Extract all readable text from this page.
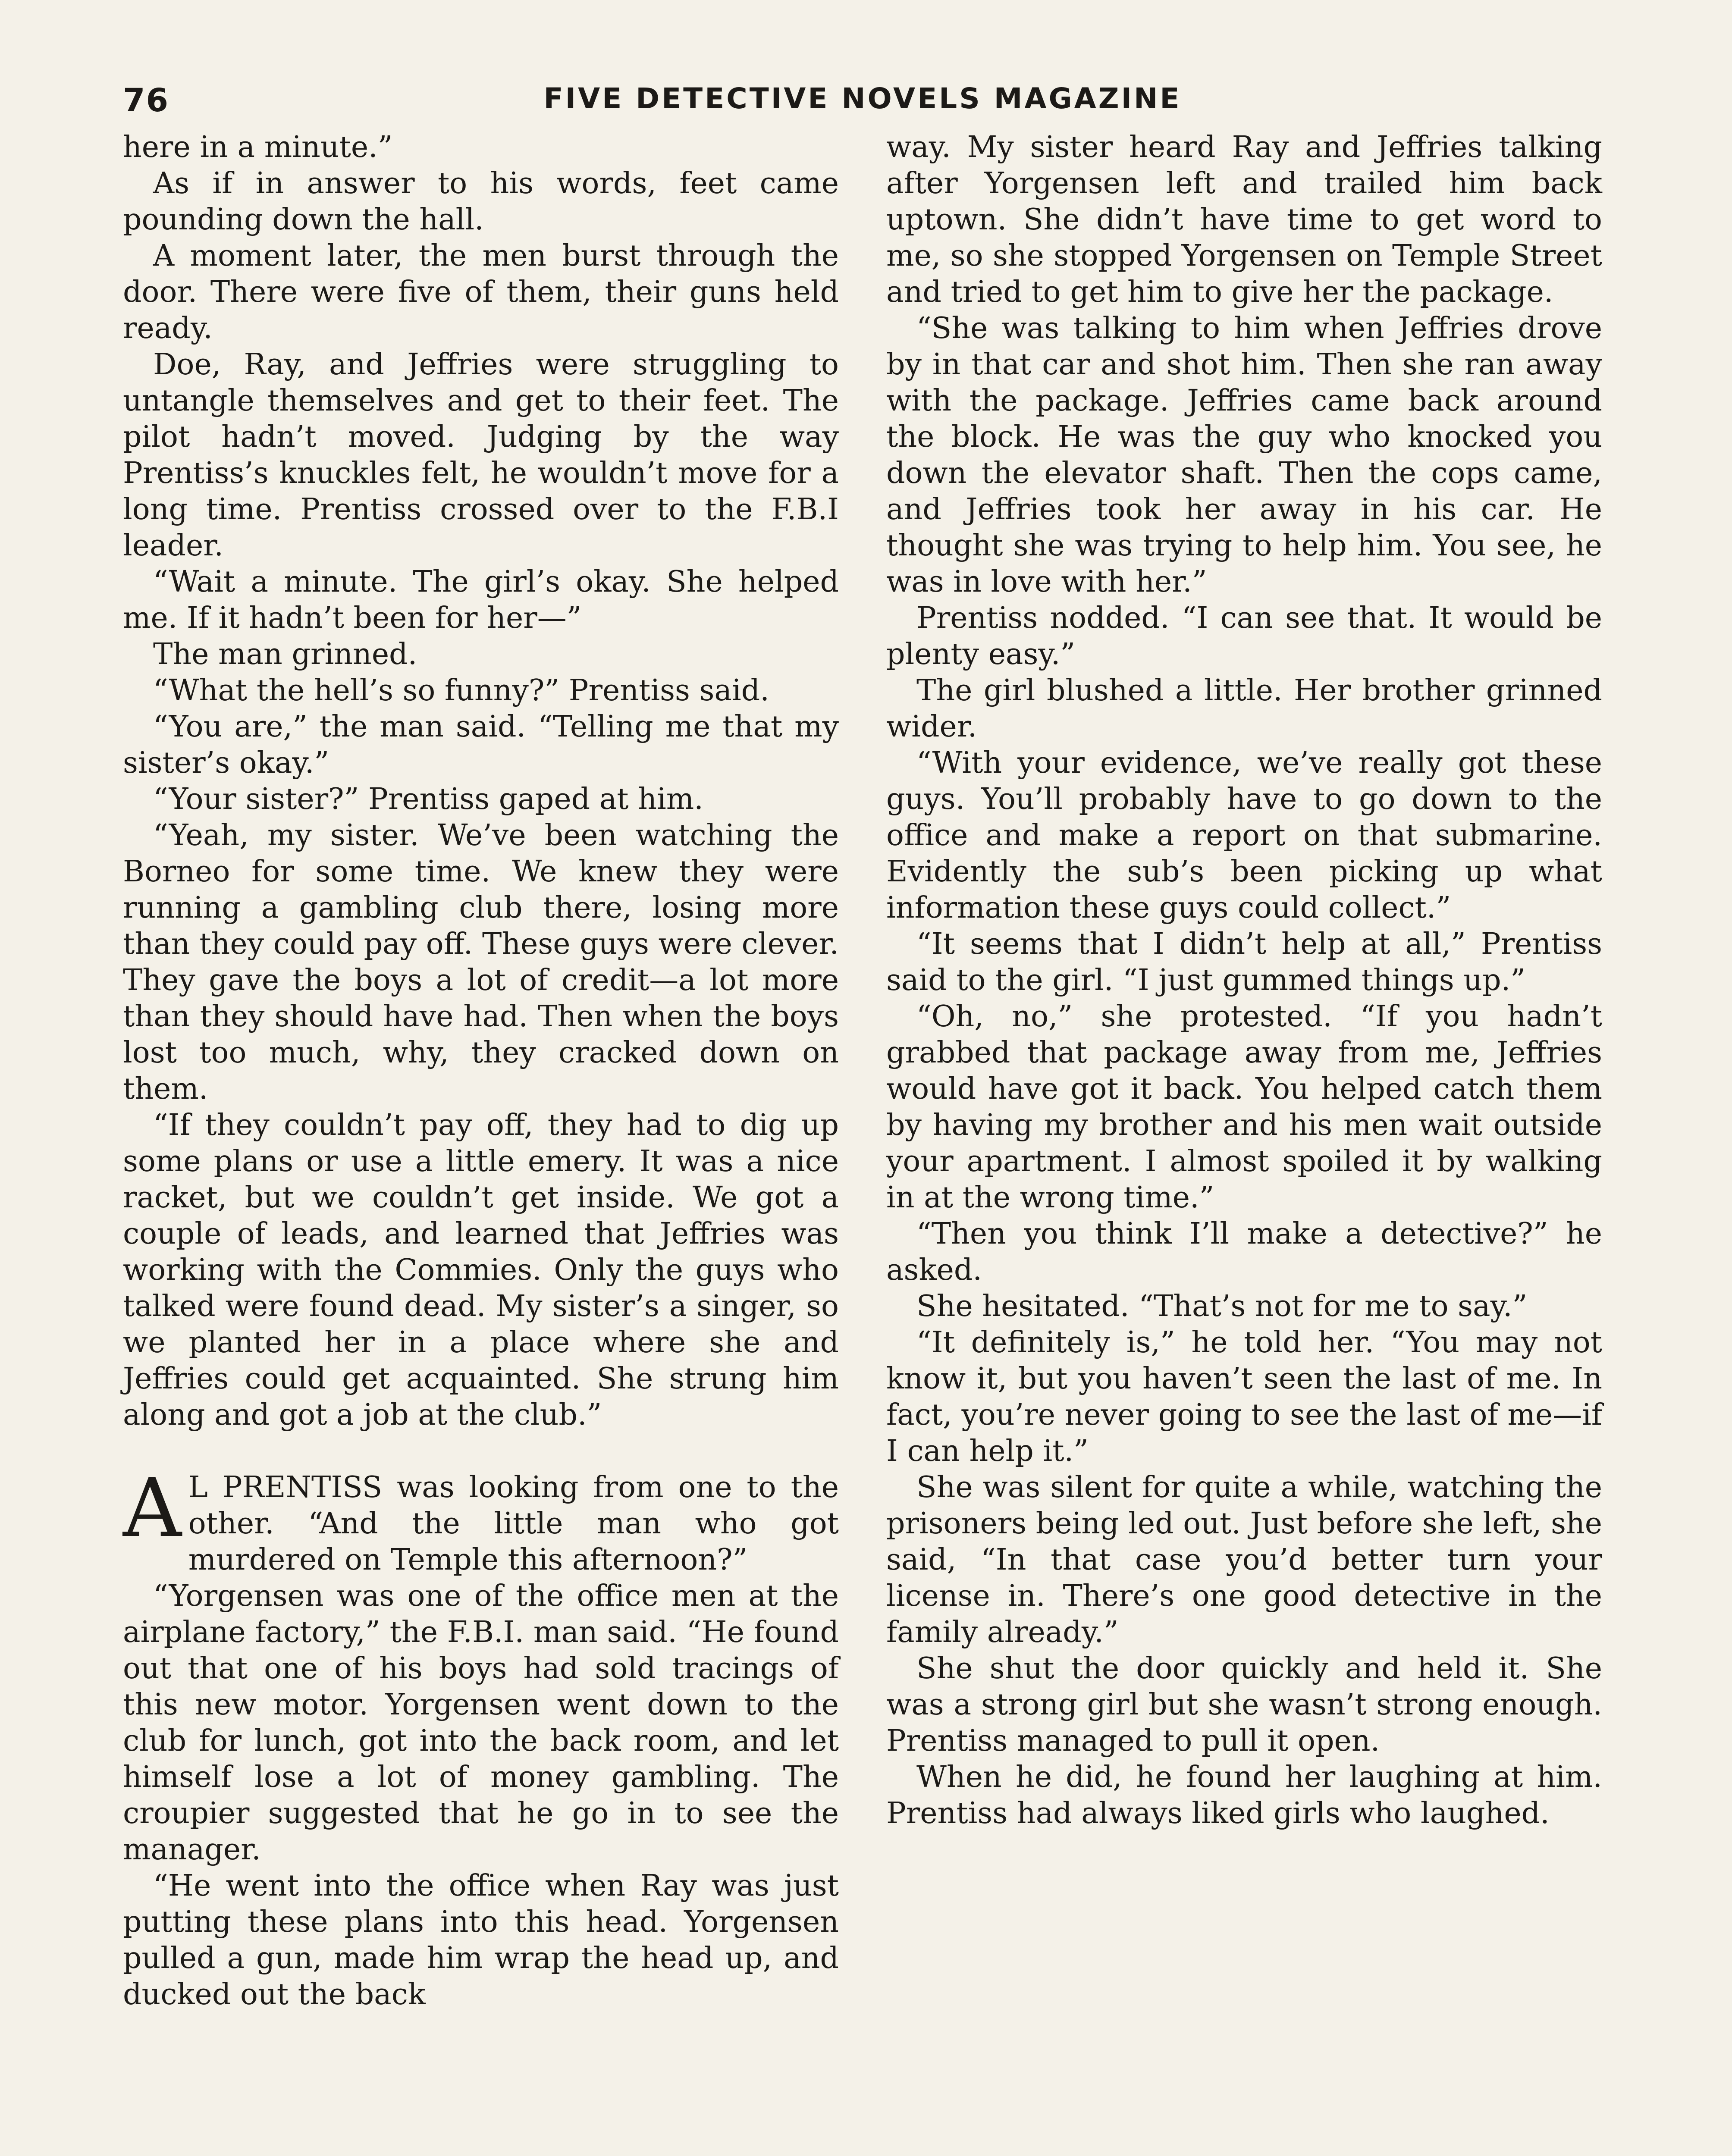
76	FIVE DETECTIVE NOVELS MAGAZINE

here in a minute.”

As if in answer to his words, feet came pounding down the hall.

A moment later, the men burst through the door. There were five of them, their guns held ready.

Doe, Ray, and Jeffries were struggling to untangle themselves and get to their feet. The pilot hadn’t moved. Judging by the way Prentiss’s knuckles felt, he wouldn’t move for a long time. Prentiss crossed over to the F.B.I leader.

“Wait a minute. The girl’s okay. She helped me. If it hadn’t been for her—”

The man grinned.

“What the hell’s so funny?” Prentiss said.

“You are,” the man said. “Telling me that my sister’s okay.”

“Your sister?” Prentiss gaped at him.

“Yeah, my sister. We’ve been watching the Borneo for some time. We knew they were running a gambling club there, losing more than they could pay off. These guys were clever. They gave the boys a lot of credit—a lot more than they should have had. Then when the boys lost too much, why, they cracked down on them.

“If they couldn’t pay off, they had to dig up some plans or use a little emery. It was a nice racket, but we couldn’t get inside. We got a couple of leads, and learned that Jeffries was working with the Commies. Only the guys who talked were found dead. My sister’s a singer, so we planted her in a place where she and Jeffries could get acquainted. She strung him along and got a job at the club.”

A L PRENTISS was looking from one to the other. “And the little man who got murdered on Temple this afternoon?”

“Yorgensen was one of the office men at the airplane factory,” the F.B.I. man said. “He found out that one of his boys had sold tracings of this new motor. Yorgensen went down to the club for lunch, got into the back room, and let himself lose a lot of money gambling. The croupier suggested that he go in to see the manager.

“He went into the office when Ray was just putting these plans into this head. Yorgensen pulled a gun, made him wrap the head up, and ducked out the back

way. My sister heard Ray and Jeffries talking after Yorgensen left and trailed him back uptown. She didn’t have time to get word to me, so she stopped Yorgensen on Temple Street and tried to get him to give her the package.

“She was talking to him when Jeffries drove by in that car and shot him. Then she ran away with the package. Jeffries came back around the block. He was the guy who knocked you down the elevator shaft. Then the cops came, and Jeffries took her away in his car. He thought she was trying to help him. You see, he was in love with her.”

Prentiss nodded. “I can see that. It would be plenty easy.”

The girl blushed a little. Her brother grinned wider.

“With your evidence, we’ve really got these guys. You’ll probably have to go down to the office and make a report on that submarine. Evidently the sub’s been picking up what information these guys could collect.”

“It seems that I didn’t help at all,” Prentiss said to the girl. “I just gummed things up.”

“Oh, no,” she protested. “If you hadn’t grabbed that package away from me, Jeffries would have got it back. You helped catch them by having my brother and his men wait outside your apartment. I almost spoiled it by walking in at the wrong time.”

“Then you think I’ll make a detective?” he asked.

She hesitated. “That’s not for me to say.”

“It definitely is,” he told her. “You may not know it, but you haven’t seen the last of me. In fact, you’re never going to see the last of me—if I can help it.”

She was silent for quite a while, watching the prisoners being led out. Just before she left, she said, “In that case you’d better turn your license in. There’s one good detective in the family already.”

She shut the door quickly and held it. She was a strong girl but she wasn’t strong enough. Prentiss managed to pull it open.

When he did, he found her laughing at him. Prentiss had always liked girls who laughed.
